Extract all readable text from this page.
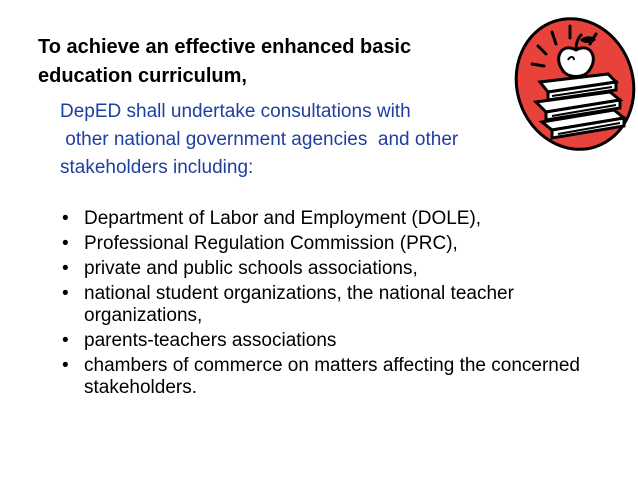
To achieve an effective enhanced basic
education curriculum,
DepED shall undertake consultations with
other national government agencies  and other
stakeholders including:
• Department of Labor and Employment (DOLE),
• Professional Regulation Commission (PRC),
• private and public schools associations,
• national student organizations, the national teacher organizations,
• parents-teachers associations
• chambers of commerce on matters affecting the concerned stakeholders.
